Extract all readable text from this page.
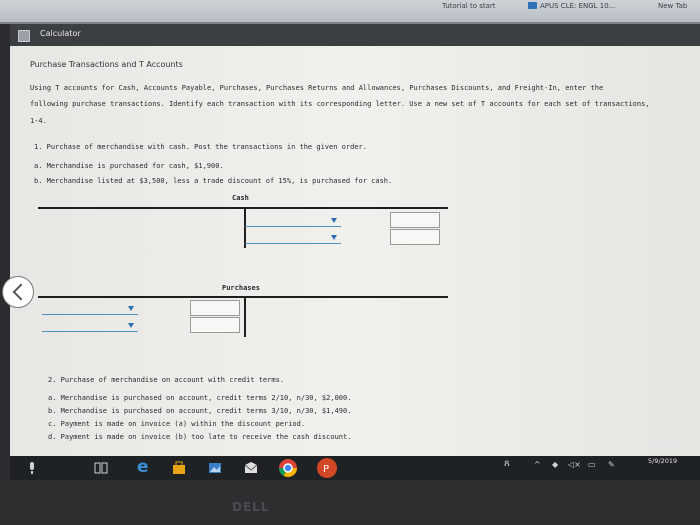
Tutorial to start	APUS CLE: ENGL 10...	New Tab
Calculator
Purchase Transactions and T Accounts
Using T accounts for Cash, Accounts Payable, Purchases, Purchases Returns and Allowances, Purchases Discounts, and Freight-In, enter the
following purchase transactions. Identify each transaction with its corresponding letter. Use a new set of T accounts for each set of transactions,
1-4.
1. Purchase of merchandise with cash. Post the transactions in the given order.
a. Merchandise is purchased for cash, $1,900.
b. Merchandise listed at $3,500, less a trade discount of 15%, is purchased for cash.
Cash
Purchases
2. Purchase of merchandise on account with credit terms.
a. Merchandise is purchased on account, credit terms 2/10, n/30, $2,000.
b. Merchandise is purchased on account, credit terms 3/10, n/30, $1,490.
c. Payment is made on invoice (a) within the discount period.
d. Payment is made on invoice (b) too late to receive the cash discount.
e	P
ጸ	^ ◆ ◁× ▭ ✎
11:26 PM
5/9/2019
DELL
